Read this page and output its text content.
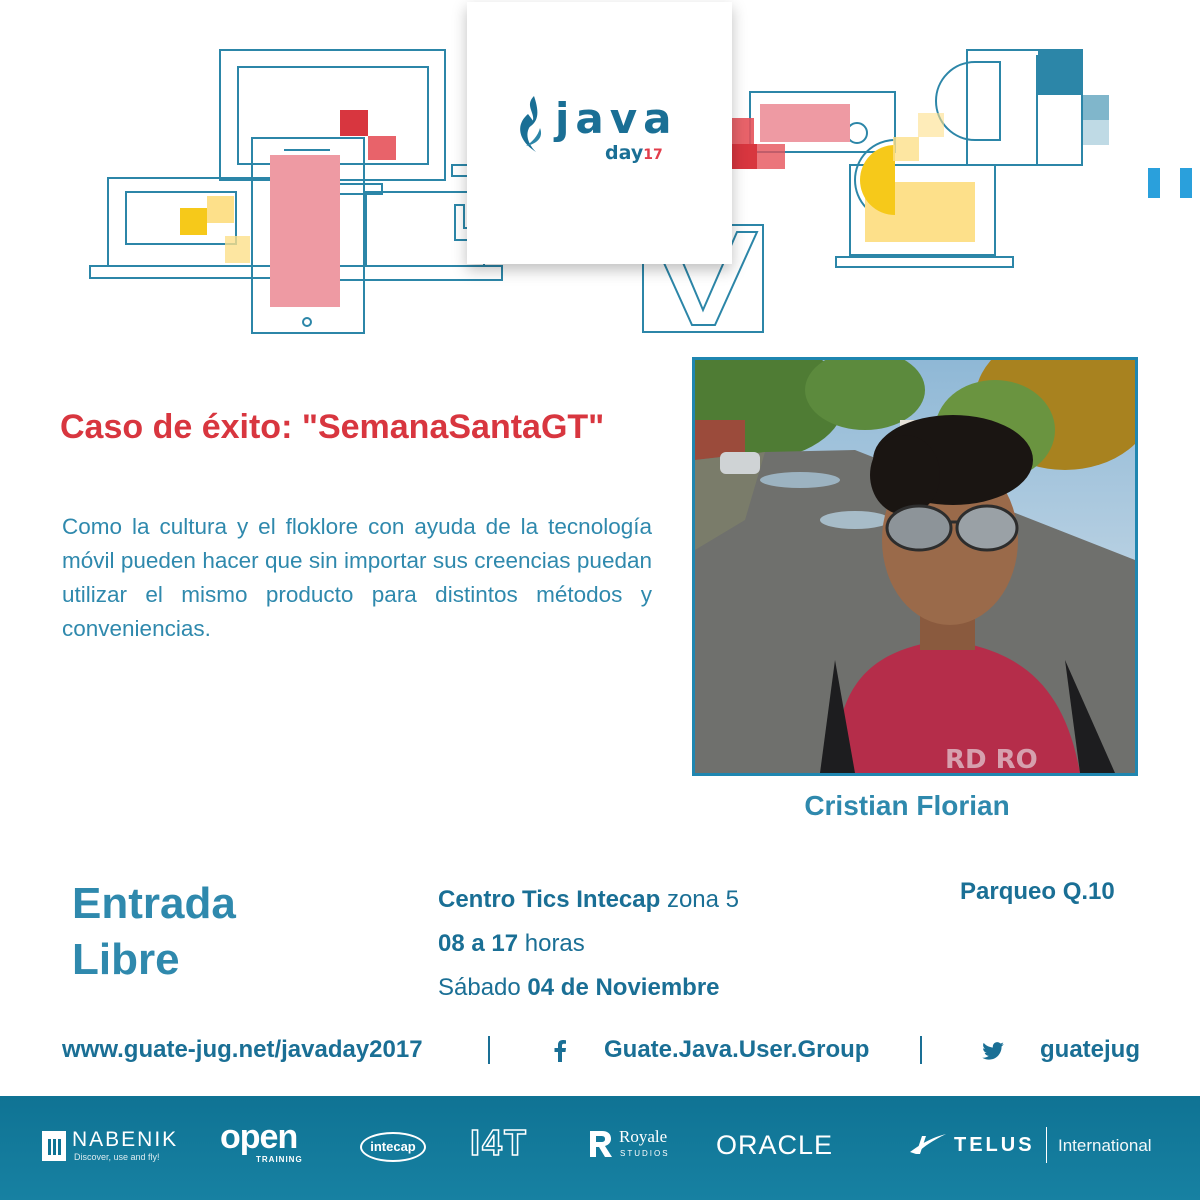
java
day17
Caso de éxito: "SemanaSantaGT"
Como la cultura y el floklore con ayuda de la tecnología móvil pueden hacer que sin importar sus creencias puedan utilizar el mismo producto para distintos métodos y conveniencias.
RD RO
Cristian Florian
Entrada
Libre
Centro Tics Intecap zona 5
08 a 17 horas
Sábado 04 de Noviembre
Parqueo Q.10
www.guate-jug.net/javaday2017	Guate.Java.User.Group	guatejug
NABENIK
Discover, use and fly!
open
TRAINING
intecap I4T	Royale
STUDIOS ORACLE	TELUS International
